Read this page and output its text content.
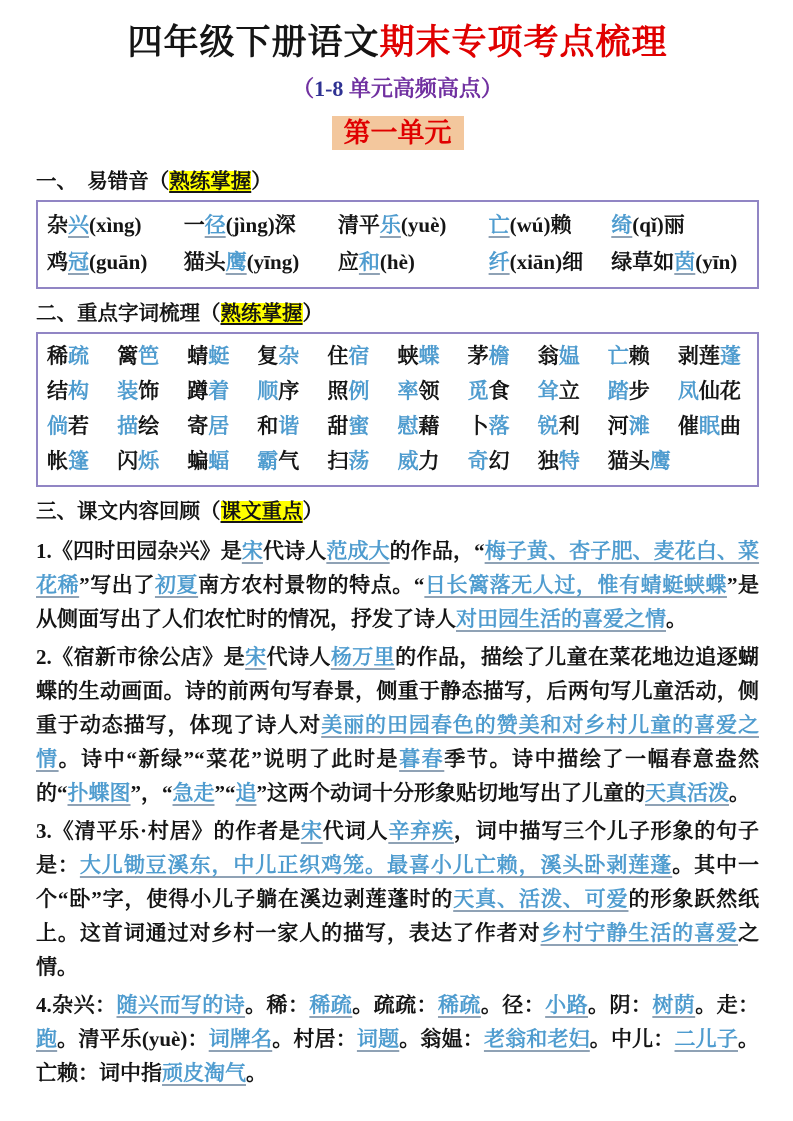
四年级下册语文期末专项考点梳理
（1-8 单元高频高点）
第一单元
一、　易错音（熟练掌握）
杂兴(xìng)	一径(jìng)深	清平乐(yuè)	亡(wú)赖	绮(qǐ)丽
鸡冠(guān)	猫头鹰(yīng)	应和(hè)	纤(xiān)细	绿草如茵(yīn)
二、重点字词梳理（熟练掌握）
稀疏	篱笆	蜻蜓	复杂	住宿	蛱蝶	茅檐	翁媪	亡赖	剥莲蓬
结构	装饰	蹲着	顺序	照例	率领	觅食	耸立	踏步	凤仙花
倘若	描绘	寄居	和谐	甜蜜	慰藉	卜落	锐利	河滩	催眠曲
帐篷	闪烁	蝙蝠	霸气	扫荡	威力	奇幻	独特	猫头鹰
三、课文内容回顾（课文重点）
1.《四时田园杂兴》是宋代诗人范成大的作品，“梅子黄、杏子肥、麦花白、菜花稀”写出了初夏南方农村景物的特点。“日长篱落无人过，惟有蜻蜓蛱蝶”是从侧面写出了人们农忙时的情况，抒发了诗人对田园生活的喜爱之情。
2.《宿新市徐公店》是宋代诗人杨万里的作品，描绘了儿童在菜花地边追逐蝴蝶的生动画面。诗的前两句写春景，侧重于静态描写，后两句写儿童活动，侧重于动态描写，体现了诗人对美丽的田园春色的赞美和对乡村儿童的喜爱之情。诗中“新绿”“菜花”说明了此时是暮春季节。诗中描绘了一幅春意盎然的“扑蝶图”，“急走”“追”这两个动词十分形象贴切地写出了儿童的天真活泼。
3.《清平乐·村居》的作者是宋代词人辛弃疾，词中描写三个儿子形象的句子是：大儿锄豆溪东，中儿正织鸡笼。最喜小儿亡赖，溪头卧剥莲蓬。其中一个“卧”字，使得小儿子躺在溪边剥莲蓬时的天真、活泼、可爱的形象跃然纸上。这首词通过对乡村一家人的描写，表达了作者对乡村宁静生活的喜爱之情。
4.杂兴：随兴而写的诗。稀：稀疏。疏疏：稀疏。径：小路。阴：树荫。走：跑。清平乐(yuè)：词牌名。村居：词题。翁媪：老翁和老妇。中儿：二儿子。亡赖：词中指顽皮淘气。
